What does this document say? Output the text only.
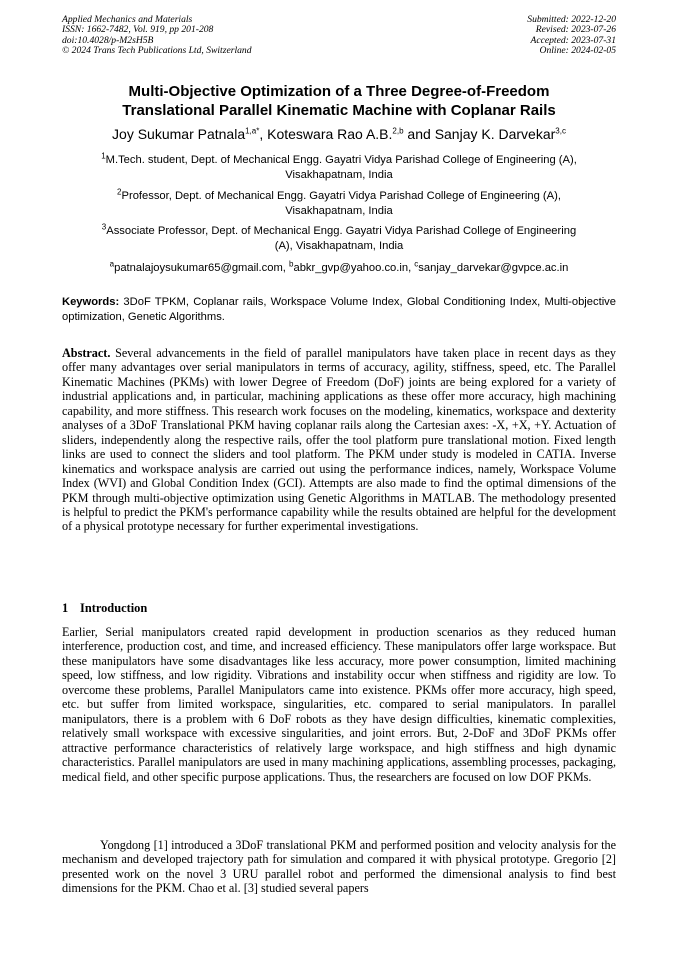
Applied Mechanics and Materials
ISSN: 1662-7482, Vol. 919, pp 201-208
doi:10.4028/p-M2sH5B
© 2024 Trans Tech Publications Ltd, Switzerland
Submitted: 2022-12-20
Revised: 2023-07-26
Accepted: 2023-07-31
Online: 2024-02-05
Multi-Objective Optimization of a Three Degree-of-Freedom
Translational Parallel Kinematic Machine with Coplanar Rails
Joy Sukumar Patnala$^{1,a*}$, Koteswara Rao A.B.$^{2,b}$ and Sanjay K. Darvekar$^{3,c}$
$^1$M.Tech. student, Dept. of Mechanical Engg. Gayatri Vidya Parishad College of Engineering (A),
Visakhapatnam, India
$^2$Professor, Dept. of Mechanical Engg. Gayatri Vidya Parishad College of Engineering (A),
Visakhapatnam, India
$^3$Associate Professor, Dept. of Mechanical Engg. Gayatri Vidya Parishad College of Engineering
(A), Visakhapatnam, India
$^a$patnalajoysukumar65@gmail.com, $^b$abkr_gvp@yahoo.co.in, $^c$sanjay_darvekar@gvpce.ac.in
Keywords: 3DoF TPKM, Coplanar rails, Workspace Volume Index, Global Conditioning Index, Multi-objective optimization, Genetic Algorithms.
Abstract. Several advancements in the field of parallel manipulators have taken place in recent days as they offer many advantages over serial manipulators in terms of accuracy, agility, stiffness, speed, etc. The Parallel Kinematic Machines (PKMs) with lower Degree of Freedom (DoF) joints are being explored for a variety of industrial applications and, in particular, machining applications as these offer more accuracy, high machining capability, and more stiffness. This research work focuses on the modeling, kinematics, workspace and dexterity analyses of a 3DoF Translational PKM having coplanar rails along the Cartesian axes: -X, +X, +Y. Actuation of sliders, independently along the respective rails, offer the tool platform pure translational motion. Fixed length links are used to connect the sliders and tool platform. The PKM under study is modeled in CATIA. Inverse kinematics and workspace analysis are carried out using the performance indices, namely, Workspace Volume Index (WVI) and Global Condition Index (GCI). Attempts are also made to find the optimal dimensions of the PKM through multi-objective optimization using Genetic Algorithms in MATLAB. The methodology presented is helpful to predict the PKM's performance capability while the results obtained are helpful for the development of a physical prototype necessary for further experimental investigations.
1 Introduction
Earlier, Serial manipulators created rapid development in production scenarios as they reduced human interference, production cost, and time, and increased efficiency. These manipulators offer large workspace. But these manipulators have some disadvantages like less accuracy, more power consumption, limited machining speed, low stiffness, and low rigidity. Vibrations and instability occur when stiffness and rigidity are low. To overcome these problems, Parallel Manipulators came into existence. PKMs offer more accuracy, high speed, etc. but suffer from limited workspace, singularities, etc. compared to serial manipulators. In parallel manipulators, there is a problem with 6 DoF robots as they have design difficulties, kinematic complexities, relatively small workspace with excessive singularities, and joint errors. But, 2-DoF and 3DoF PKMs offer attractive performance characteristics of relatively large workspace, and high stiffness and high dynamic characteristics. Parallel manipulators are used in many machining applications, assembling processes, packaging, medical field, and other specific purpose applications. Thus, the researchers are focused on low DOF PKMs.
Yongdong [1] introduced a 3DoF translational PKM and performed position and velocity analysis for the mechanism and developed trajectory path for simulation and compared it with physical prototype. Gregorio [2] presented work on the novel 3 URU parallel robot and performed the dimensional analysis to find best dimensions for the PKM. Chao et al. [3] studied several papers
